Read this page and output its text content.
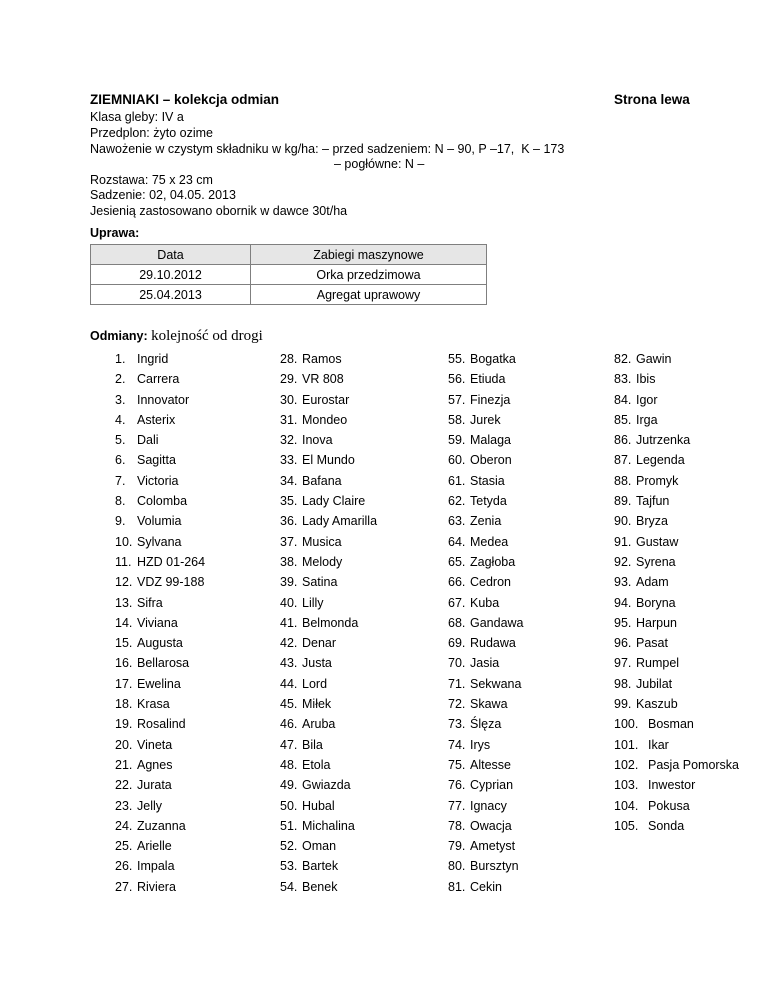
ZIEMNIAKI – kolekcja odmian	Strona lewa
Klasa gleby: IV a
Przedplon: żyto ozime
Nawożenie w czystym składniku w kg/ha: – przed sadzeniem: N – 90, P –17,  K – 173
– pogłówne: N –
Rozstawa: 75 x 23 cm
Sadzenie: 02, 04.05. 2013
Jesienią zastosowano obornik w dawce 30t/ha
Uprawa:
Data	Zabiegi maszynowe
29.10.2012	Orka przedzimowa
25.04.2013	Agregat uprawowy
Odmiany: kolejność od drogi
1. Ingrid
2. Carrera
3. Innovator
4. Asterix
5. Dali
6. Sagitta
7. Victoria
8. Colomba
9. Volumia
10. Sylvana
11. HZD 01-264
12. VDZ 99-188
13. Sifra
14. Viviana
15. Augusta
16. Bellarosa
17. Ewelina
18. Krasa
19. Rosalind
20. Vineta
21. Agnes
22. Jurata
23. Jelly
24. Zuzanna
25. Arielle
26. Impala
27. Riviera
28. Ramos
29. VR 808
30. Eurostar
31. Mondeo
32. Inova
33. El Mundo
34. Bafana
35. Lady Claire
36. Lady Amarilla
37. Musica
38. Melody
39. Satina
40. Lilly
41. Belmonda
42. Denar
43. Justa
44. Lord
45. Miłek
46. Aruba
47. Bila
48. Etola
49. Gwiazda
50. Hubal
51. Michalina
52. Oman
53. Bartek
54. Benek
55. Bogatka
56. Etiuda
57. Finezja
58. Jurek
59. Malaga
60. Oberon
61. Stasia
62. Tetyda
63. Zenia
64. Medea
65. Zagłoba
66. Cedron
67. Kuba
68. Gandawa
69. Rudawa
70. Jasia
71. Sekwana
72. Skawa
73. Ślęza
74. Irys
75. Altesse
76. Cyprian
77. Ignacy
78. Owacja
79. Ametyst
80. Bursztyn
81. Cekin
82. Gawin
83. Ibis
84. Igor
85. Irga
86. Jutrzenka
87. Legenda
88. Promyk
89. Tajfun
90. Bryza
91. Gustaw
92. Syrena
93. Adam
94. Boryna
95. Harpun
96. Pasat
97. Rumpel
98. Jubilat
99. Kaszub
100. Bosman
101. Ikar
102. Pasja Pomorska
103. Inwestor
104. Pokusa
105. Sonda
